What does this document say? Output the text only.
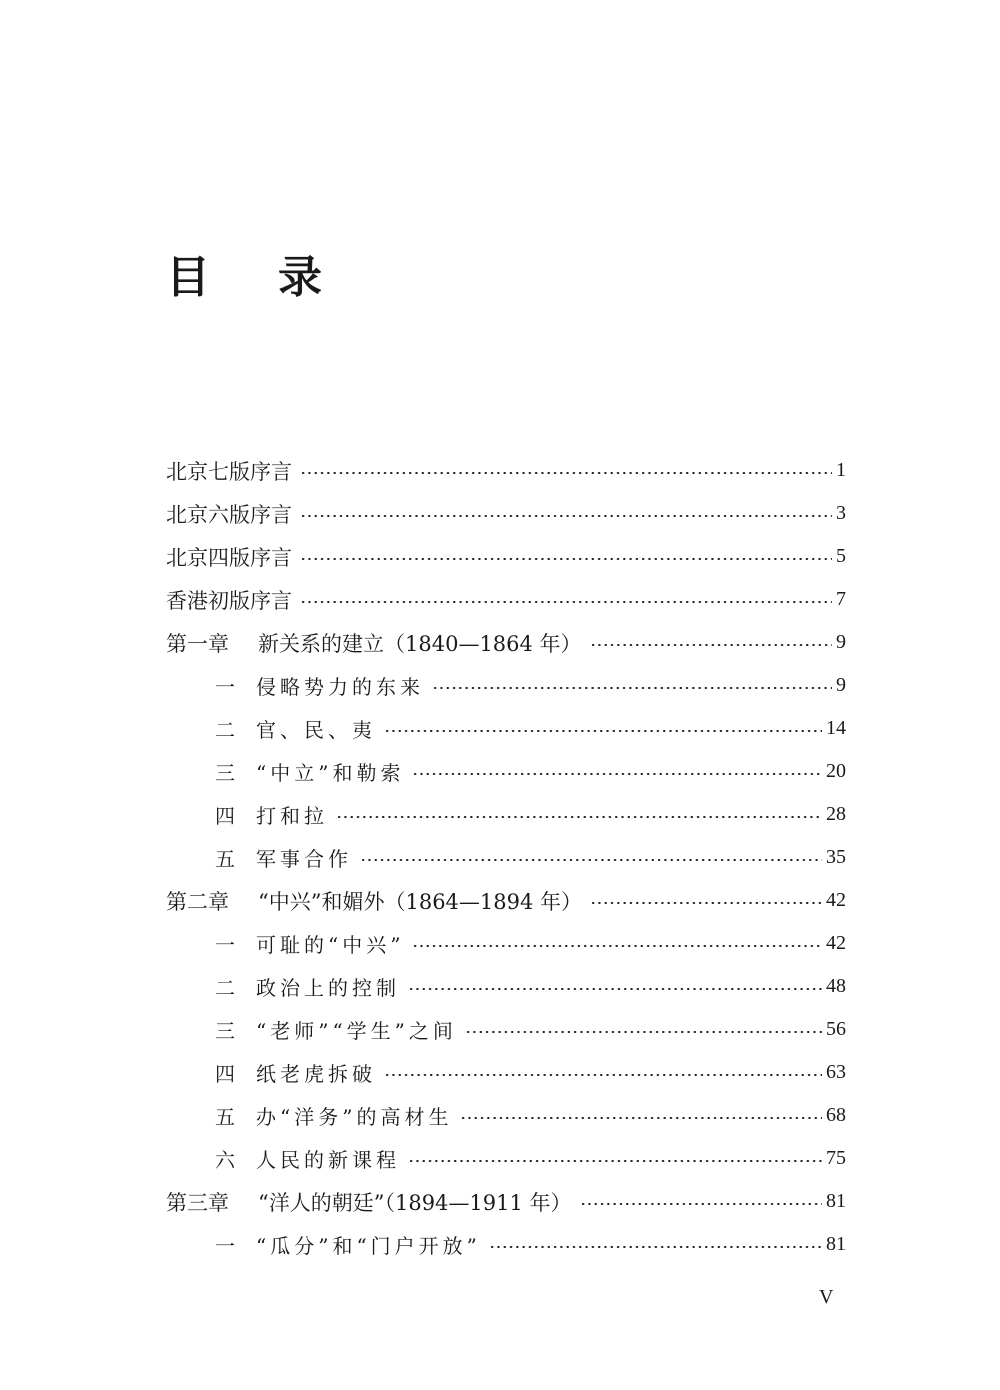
目 录
北京七版序言	1
北京六版序言	3
北京四版序言	5
香港初版序言	7
第一章	新关系的建立（1840—1864 年）	9
一 侵略势力的东来	9
二 官、民、夷	14
三 “中立”和勒索	20
四 打和拉	28
五 军事合作	35
第二章	“中兴”和媚外（1864—1894 年）	42
一 可耻的“中兴”	42
二 政治上的控制	48
三 “老师”“学生”之间	56
四 纸老虎拆破	63
五 办“洋务”的高材生	68
六 人民的新课程	75
第三章	“洋人的朝廷”（1894—1911 年）	81
一 “瓜分”和“门户开放”	81
V
